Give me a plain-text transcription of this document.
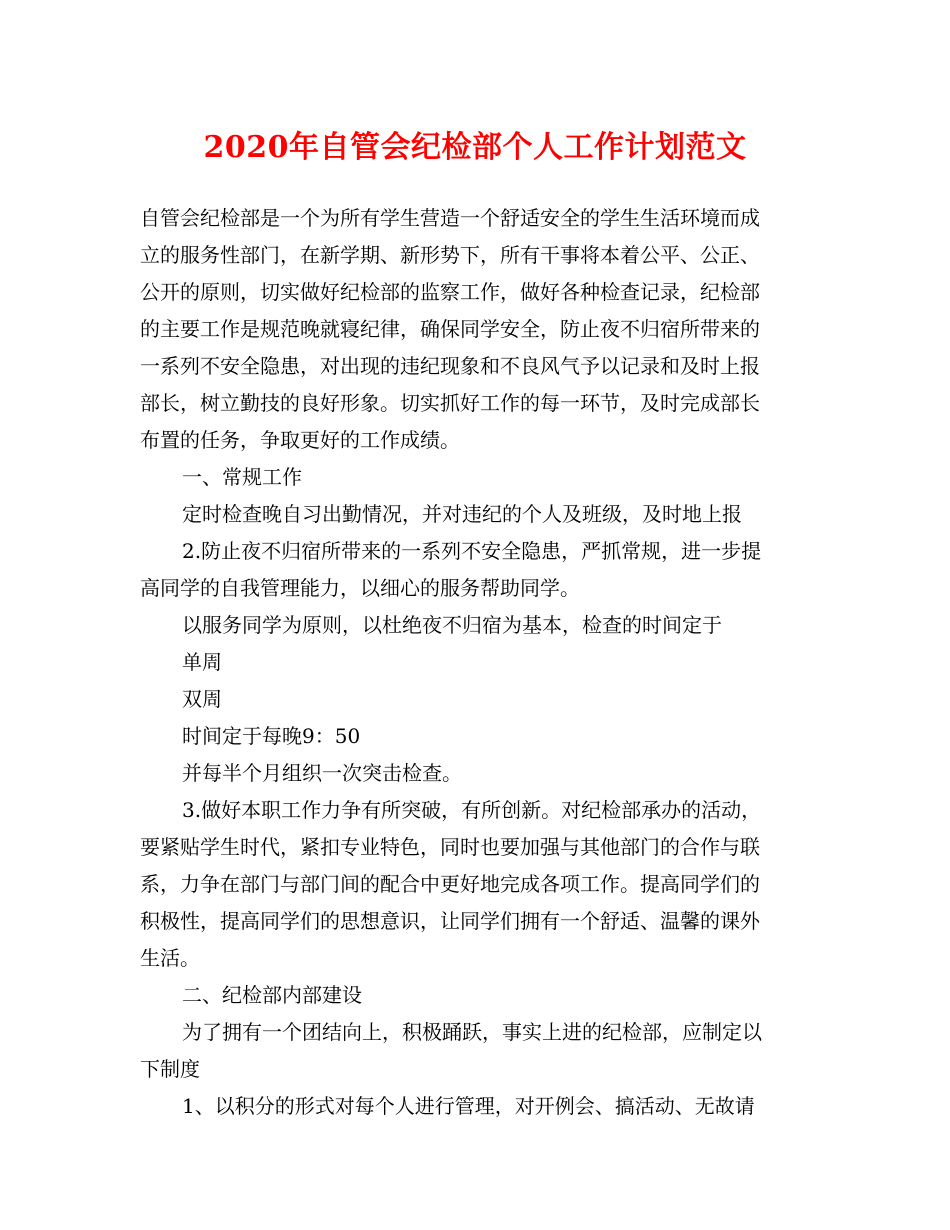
2020年自管会纪检部个人工作计划范文
自管会纪检部是一个为所有学生营造一个舒适安全的学生生活环境而成
立的服务性部门，在新学期、新形势下，所有干事将本着公平、公正、
公开的原则，切实做好纪检部的监察工作，做好各种检查记录，纪检部
的主要工作是规范晚就寝纪律，确保同学安全，防止夜不归宿所带来的
一系列不安全隐患，对出现的违纪现象和不良风气予以记录和及时上报
部长，树立勤技的良好形象。切实抓好工作的每一环节，及时完成部长
布置的任务，争取更好的工作成绩。
一、常规工作
定时检查晚自习出勤情况，并对违纪的个人及班级，及时地上报
2.防止夜不归宿所带来的一系列不安全隐患，严抓常规，进一步提
高同学的自我管理能力，以细心的服务帮助同学。
以服务同学为原则，以杜绝夜不归宿为基本，检查的时间定于
单周
双周
时间定于每晚9：50
并每半个月组织一次突击检查。
3.做好本职工作力争有所突破，有所创新。对纪检部承办的活动，
要紧贴学生时代，紧扣专业特色，同时也要加强与其他部门的合作与联
系，力争在部门与部门间的配合中更好地完成各项工作。提高同学们的
积极性，提高同学们的思想意识，让同学们拥有一个舒适、温馨的课外
生活。
二、纪检部内部建设
为了拥有一个团结向上，积极踊跃，事实上进的纪检部，应制定以
下制度
1、以积分的形式对每个人进行管理，对开例会、搞活动、无故请
